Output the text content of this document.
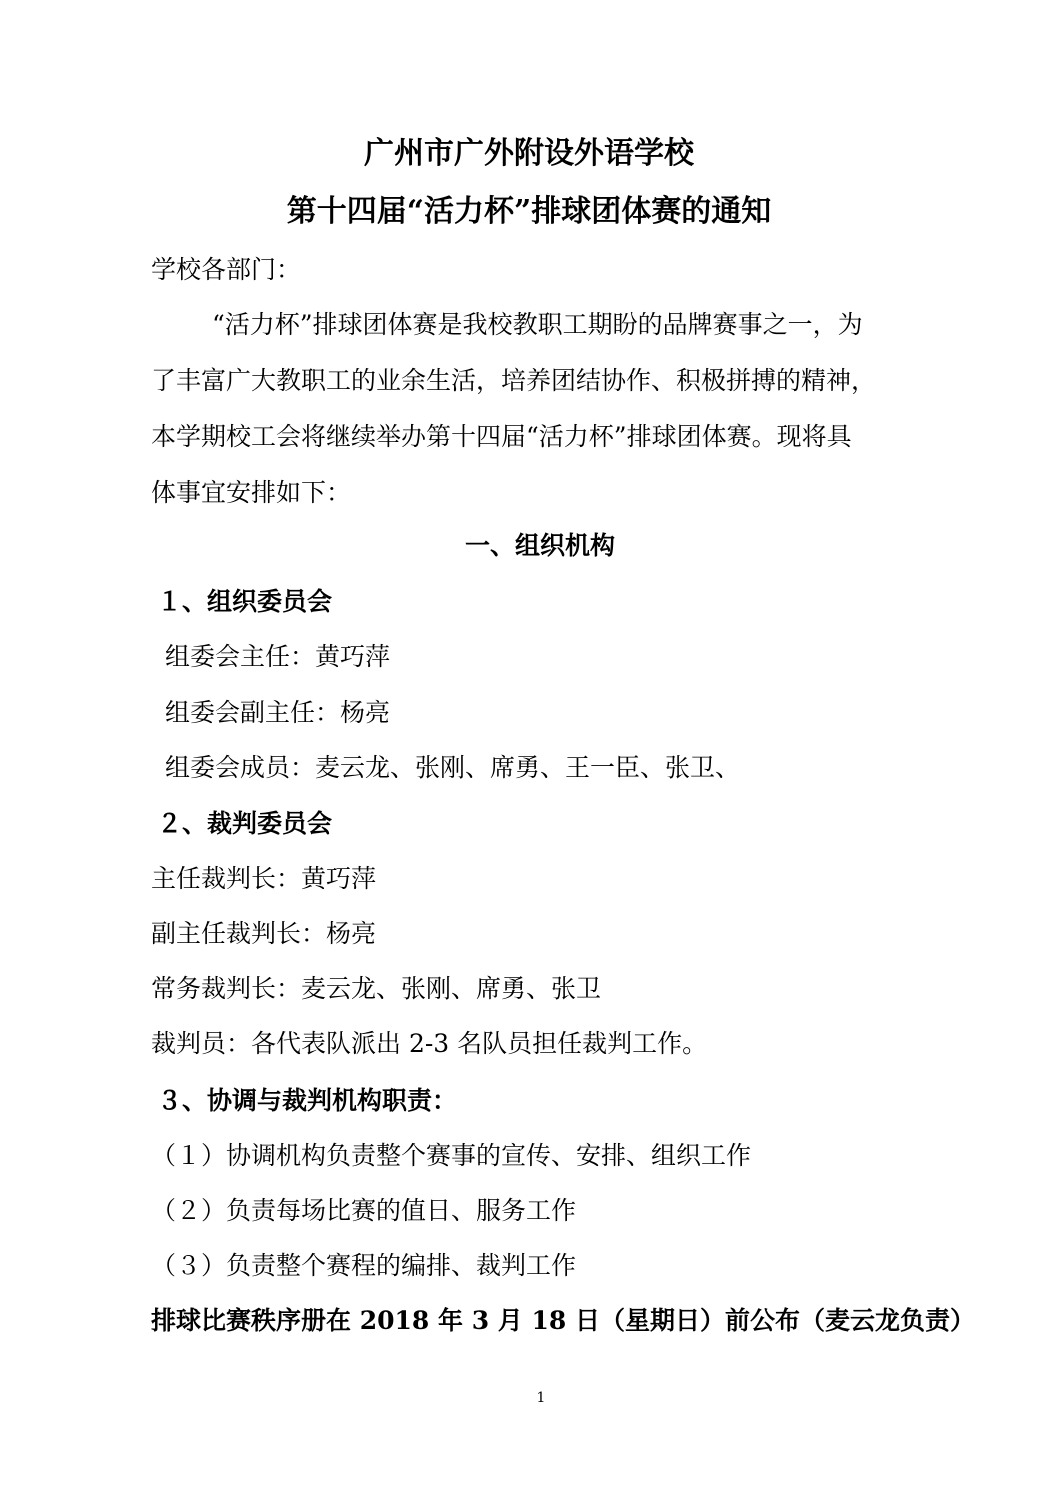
广州市广外附设外语学校
第十四届“活力杯”排球团体赛的通知
学校各部门：
“活力杯”排球团体赛是我校教职工期盼的品牌赛事之一，为
了丰富广大教职工的业余生活，培养团结协作、积极拼搏的精神，
本学期校工会将继续举办第十四届“活力杯”排球团体赛。现将具
体事宜安排如下：
一、组织机构
１、组织委员会
组委会主任：黄巧萍
组委会副主任：杨亮
组委会成员：麦云龙、张刚、席勇、王一臣、张卫、
２、裁判委员会
主任裁判长：黄巧萍
副主任裁判长：杨亮
常务裁判长：麦云龙、张刚、席勇、张卫
裁判员：各代表队派出 2-3 名队员担任裁判工作。
３、协调与裁判机构职责：
（１）协调机构负责整个赛事的宣传、安排、组织工作
（２）负责每场比赛的值日、服务工作
（３）负责整个赛程的编排、裁判工作
排球比赛秩序册在 2018 年 3 月 18 日（星期日）前公布（麦云龙负责）
1
